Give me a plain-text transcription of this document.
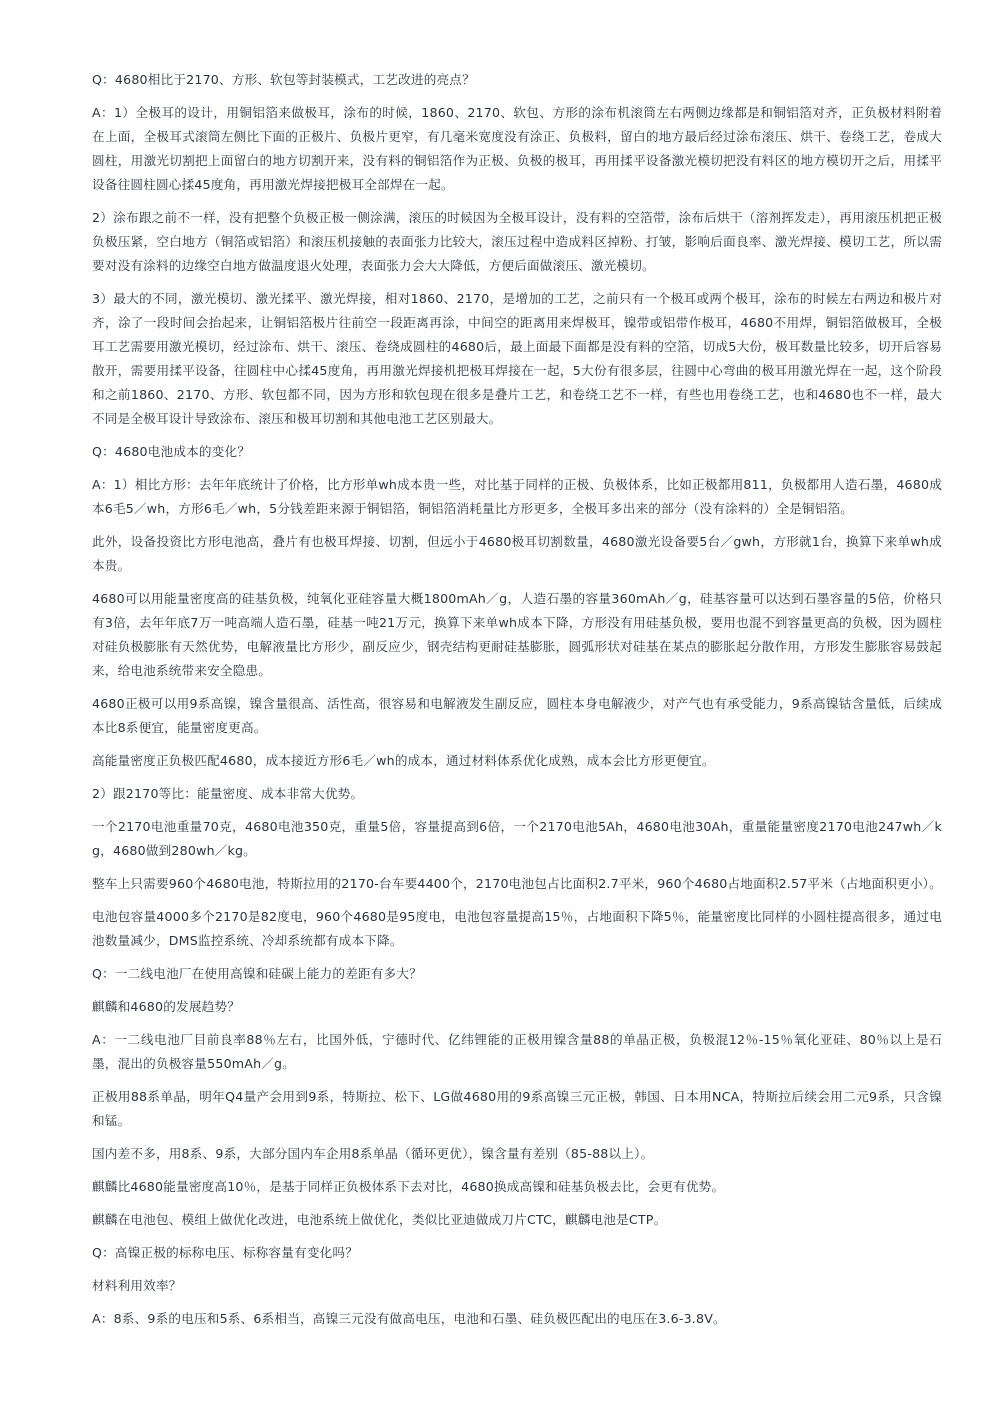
Q：4680相比于2170、方形、软包等封装模式，工艺改进的亮点？

A：1）全极耳的设计，用铜铝箔来做极耳，涂布的时候，1860、2170、软包、方形的涂布机滚筒左右两侧边缘都是和铜铝箔对齐，正负极材料附着在上面，全极耳式滚筒左侧比下面的正极片、负极片更窄，有几毫米宽度没有涂正、负极料，留白的地方最后经过涂布滚压、烘干、卷绕工艺，卷成大圆柱，用激光切割把上面留白的地方切割开来，没有料的铜铝箔作为正极、负极的极耳，再用揉平设备激光模切把没有料区的地方模切开之后，用揉平设备往圆柱圆心揉45度角，再用激光焊接把极耳全部焊在一起。

2）涂布跟之前不一样，没有把整个负极正极一侧涂满，滚压的时候因为全极耳设计，没有料的空箔带，涂布后烘干（溶剂挥发走），再用滚压机把正极负极压紧，空白地方（铜箔或铝箔）和滚压机接触的表面张力比较大，滚压过程中造成料区掉粉、打皱，影响后面良率、激光焊接、模切工艺，所以需要对没有涂料的边缘空白地方做温度退火处理，表面张力会大大降低，方便后面做滚压、激光模切。

3）最大的不同，激光模切、激光揉平、激光焊接，相对1860、2170，是增加的工艺，之前只有一个极耳或两个极耳，涂布的时候左右两边和极片对齐，涂了一段时间会抬起来，让铜铝箔极片往前空一段距离再涂，中间空的距离用来焊极耳，镍带或铝带作极耳，4680不用焊，铜铝箔做极耳，全极耳工艺需要用激光模切，经过涂布、烘干、滚压、卷绕成圆柱的4680后，最上面最下面都是没有料的空箔，切成5大份，极耳数量比较多，切开后容易散开，需要用揉平设备，往圆柱中心揉45度角，再用激光焊接机把极耳焊接在一起，5大份有很多层，往圆中心弯曲的极耳用激光焊在一起，这个阶段和之前1860、2170、方形、软包都不同，因为方形和软包现在很多是叠片工艺，和卷绕工艺不一样，有些也用卷绕工艺，也和4680也不一样，最大不同是全极耳设计导致涂布、滚压和极耳切割和其他电池工艺区别最大。

Q：4680电池成本的变化？

A：1）相比方形：去年年底统计了价格，比方形单wh成本贵一些，对比基于同样的正极、负极体系，比如正极都用811，负极都用人造石墨，4680成本6毛5／wh，方形6毛／wh，5分钱差距来源于铜铝箔，铜铝箔消耗量比方形更多，全极耳多出来的部分（没有涂料的）全是铜铝箔。

此外，设备投资比方形电池高，叠片有也极耳焊接、切割，但远小于4680极耳切割数量，4680激光设备要5台／gwh，方形就1台，换算下来单wh成本贵。

4680可以用能量密度高的硅基负极，纯氧化亚硅容量大概1800mAh／g，人造石墨的容量360mAh／g，硅基容量可以达到石墨容量的5倍，价格只有3倍，去年年底7万一吨高端人造石墨，硅基一吨21万元，换算下来单wh成本下降，方形没有用硅基负极，要用也混不到容量更高的负极，因为圆柱对硅负极膨胀有天然优势，电解液量比方形少，副反应少，钢壳结构更耐硅基膨胀，圆弧形状对硅基在某点的膨胀起分散作用，方形发生膨胀容易鼓起来，给电池系统带来安全隐患。

4680正极可以用9系高镍，镍含量很高、活性高，很容易和电解液发生副反应，圆柱本身电解液少，对产气也有承受能力，9系高镍钴含量低，后续成本比8系便宜，能量密度更高。

高能量密度正负极匹配4680，成本接近方形6毛／wh的成本，通过材料体系优化成熟，成本会比方形更便宜。

2）跟2170等比：能量密度、成本非常大优势。

一个2170电池重量70克，4680电池350克，重量5倍，容量提高到6倍，一个2170电池5Ah，4680电池30Ah，重量能量密度2170电池247wh／kg，4680做到280wh／kg。

整车上只需要960个4680电池，特斯拉用的2170-台车要4400个，2170电池包占比面积2.7平米，960个4680占地面积2.57平米（占地面积更小）。

电池包容量4000多个2170是82度电，960个4680是95度电，电池包容量提高15％，占地面积下降5％，能量密度比同样的小圆柱提高很多，通过电池数量减少，DMS监控系统、冷却系统都有成本下降。

Q：一二线电池厂在使用高镍和硅碳上能力的差距有多大？

麒麟和4680的发展趋势？

A：一二线电池厂目前良率88％左右，比国外低，宁德时代、亿纬锂能的正极用镍含量88的单晶正极，负极混12％-15％氧化亚硅、80％以上是石墨，混出的负极容量550mAh／g。

正极用88系单晶，明年Q4量产会用到9系，特斯拉、松下、LG做4680用的9系高镍三元正极，韩国、日本用NCA，特斯拉后续会用二元9系，只含镍和锰。

国内差不多，用8系、9系，大部分国内车企用8系单晶（循环更优），镍含量有差别（85-88以上）。

麒麟比4680能量密度高10％，是基于同样正负极体系下去对比，4680换成高镍和硅基负极去比，会更有优势。

麒麟在电池包、模组上做优化改进，电池系统上做优化，类似比亚迪做成刀片CTC，麒麟电池是CTP。

Q：高镍正极的标称电压、标称容量有变化吗？

材料利用效率？

A：8系、9系的电压和5系、6系相当，高镍三元没有做高电压，电池和石墨、硅负极匹配出的电压在3.6-3.8V。
